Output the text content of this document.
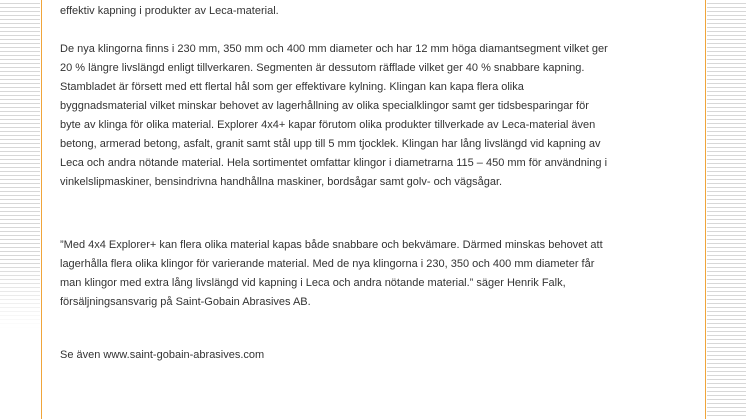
effektiv kapning i produkter av Leca-material.

De nya klingorna finns i 230 mm, 350 mm och 400 mm diameter och har 12 mm höga diamantsegment vilket ger
20 % längre livslängd enligt tillverkaren. Segmenten är dessutom räfflade vilket ger 40 % snabbare kapning.
Stambladet är försett med ett flertal hål som ger effektivare kylning. Klingan kan kapa flera olika
byggnadsmaterial vilket minskar behovet av lagerhållning av olika specialklingor samt ger tidsbesparingar för
byte av klinga för olika material. Explorer 4x4+ kapar förutom olika produkter tillverkade av Leca-material även
betong, armerad betong, asfalt, granit samt stål upp till 5 mm tjocklek. Klingan har lång livslängd vid kapning av
Leca och andra nötande material. Hela sortimentet omfattar klingor i diametrarna 115 – 450 mm för användning i
vinkelslipmaskiner, bensindrivna handhållna maskiner, bordsågar samt golv- och vägsågar.

”Med 4x4 Explorer+ kan flera olika material kapas både snabbare och bekvämare. Därmed minskas behovet att
lagerhålla flera olika klingor för varierande material. Med de nya klingorna i 230, 350 och 400 mm diameter får
man klingor med extra lång livslängd vid kapning i Leca och andra nötande material.” säger Henrik Falk,
försäljningsansvarig på Saint-Gobain Abrasives AB.

Se även www.saint-gobain-abrasives.com
